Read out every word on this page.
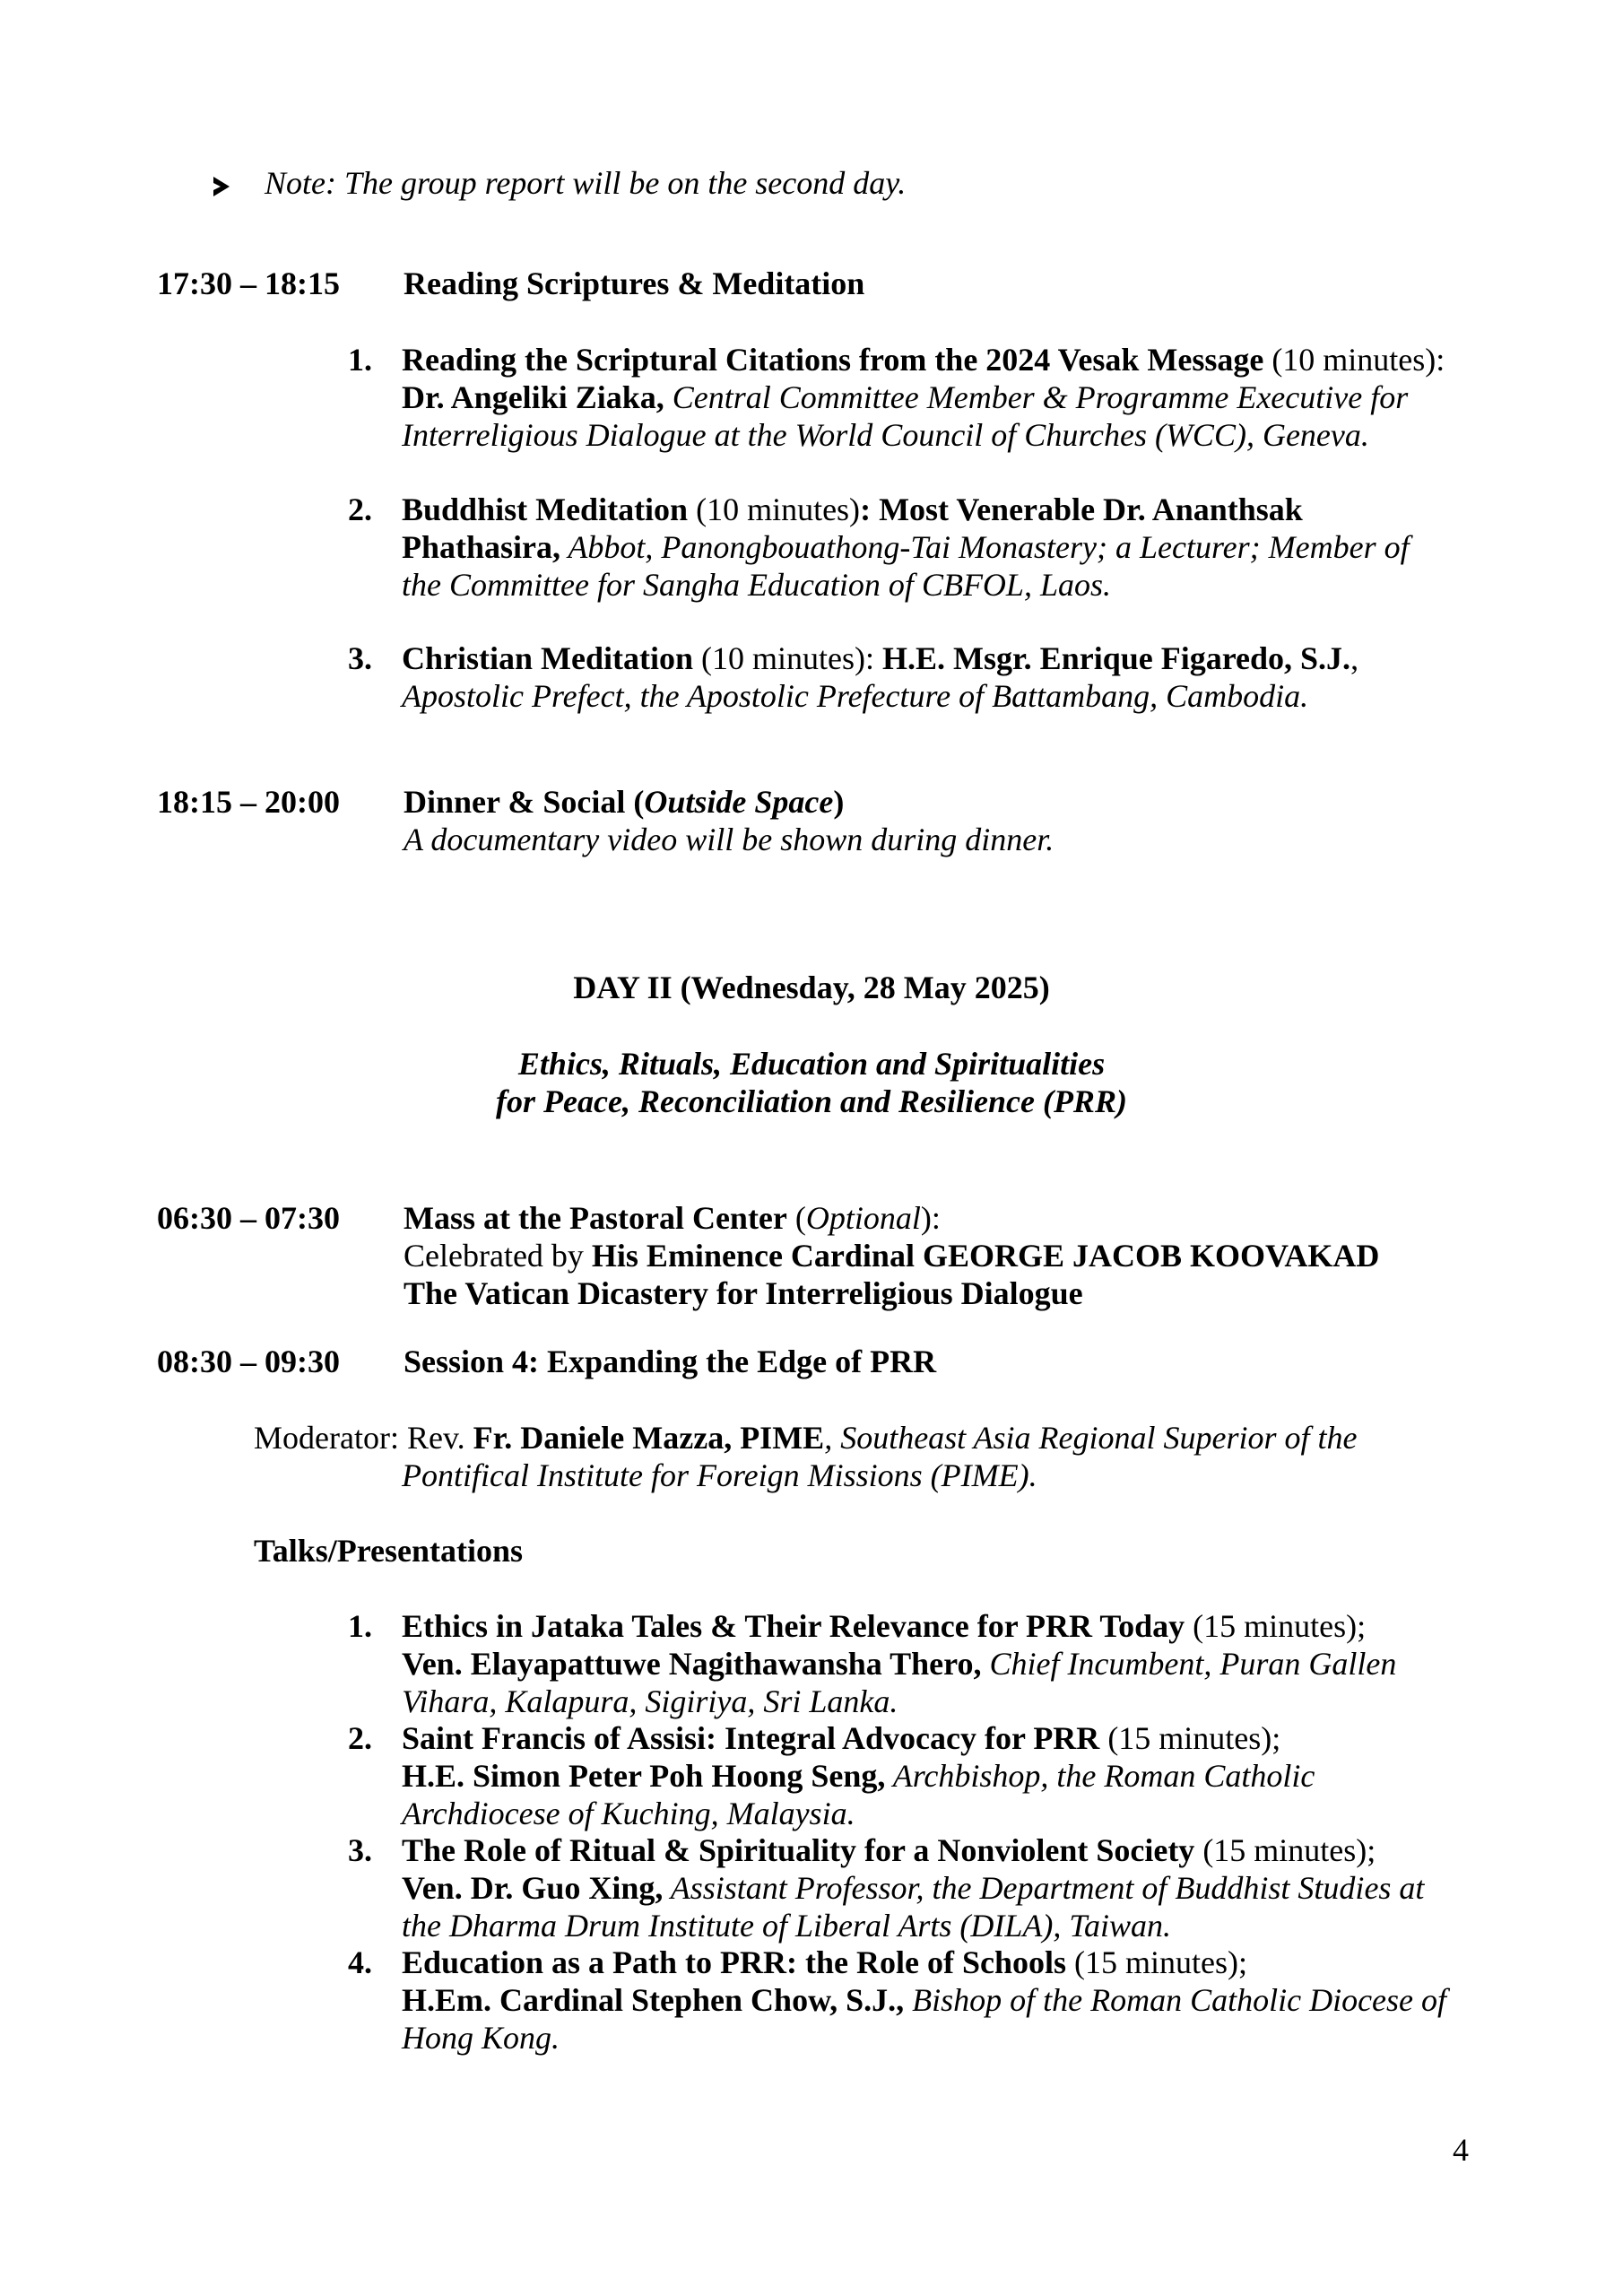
Note: The group report will be on the second day.
17:30 – 18:15 Reading Scriptures & Meditation
1. Reading the Scriptural Citations from the 2024 Vesak Message (10 minutes):
Dr. Angeliki Ziaka, Central Committee Member & Programme Executive for
Interreligious Dialogue at the World Council of Churches (WCC), Geneva.
2. Buddhist Meditation (10 minutes): Most Venerable Dr. Ananthsak
Phathasira, Abbot, Panongbouathong-Tai Monastery; a Lecturer; Member of
the Committee for Sangha Education of CBFOL, Laos.
3. Christian Meditation (10 minutes): H.E. Msgr. Enrique Figaredo, S.J.,
Apostolic Prefect, the Apostolic Prefecture of Battambang, Cambodia.
18:15 – 20:00 Dinner & Social (Outside Space)
A documentary video will be shown during dinner.
DAY II (Wednesday, 28 May 2025)
Ethics, Rituals, Education and Spiritualities
for Peace, Reconciliation and Resilience (PRR)
06:30 – 07:30 Mass at the Pastoral Center (Optional):
Celebrated by His Eminence Cardinal GEORGE JACOB KOOVAKAD
The Vatican Dicastery for Interreligious Dialogue
08:30 – 09:30 Session 4: Expanding the Edge of PRR
Moderator: Rev. Fr. Daniele Mazza, PIME, Southeast Asia Regional Superior of the
Pontifical Institute for Foreign Missions (PIME).
Talks/Presentations
1. Ethics in Jataka Tales & Their Relevance for PRR Today (15 minutes);
Ven. Elayapattuwe Nagithawansha Thero, Chief Incumbent, Puran Gallen
Vihara, Kalapura, Sigiriya, Sri Lanka.
2. Saint Francis of Assisi: Integral Advocacy for PRR (15 minutes);
H.E. Simon Peter Poh Hoong Seng, Archbishop, the Roman Catholic
Archdiocese of Kuching, Malaysia.
3. The Role of Ritual & Spirituality for a Nonviolent Society (15 minutes);
Ven. Dr. Guo Xing, Assistant Professor, the Department of Buddhist Studies at
the Dharma Drum Institute of Liberal Arts (DILA), Taiwan.
4. Education as a Path to PRR: the Role of Schools (15 minutes);
H.Em. Cardinal Stephen Chow, S.J., Bishop of the Roman Catholic Diocese of
Hong Kong.
4
